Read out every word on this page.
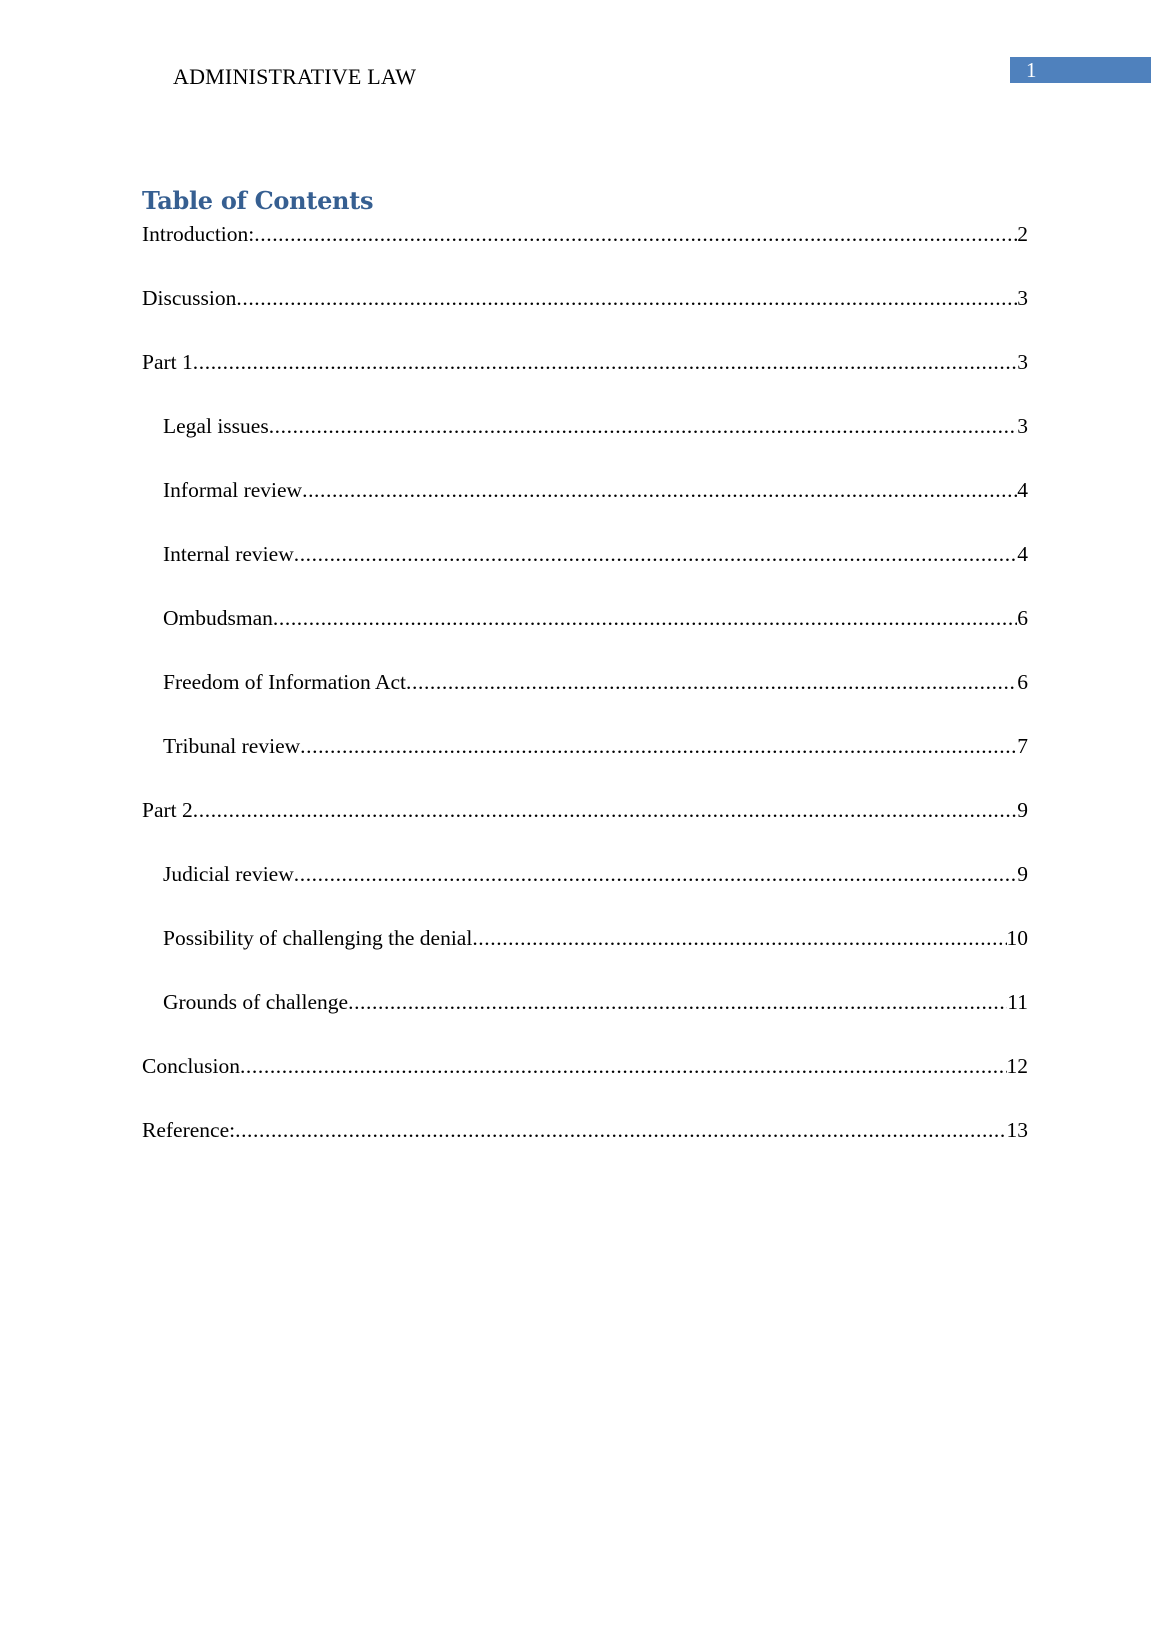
ADMINISTRATIVE LAW	1
Table of Contents
Introduction: .....	2
Discussion .....	3
Part 1 .....	3
Legal issues .....	3
Informal review .....	4
Internal review .....	4
Ombudsman .....	6
Freedom of Information Act .....	6
Tribunal review .....	7
Part 2 .....	9
Judicial review .....	9
Possibility of challenging the denial .....	10
Grounds of challenge .....	11
Conclusion .....	12
Reference: .....	13
